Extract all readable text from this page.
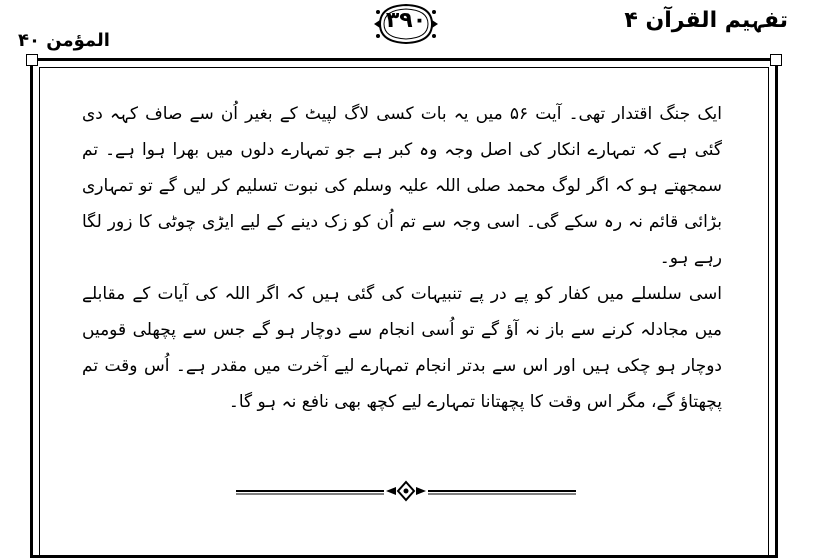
تفہیم القرآن ۴
۳۹۰
المؤمن ۴۰

ایک جنگ اقتدار تھی۔ آیت ۵۶ میں یہ بات کسی لاگ لپیٹ کے بغیر اُن سے صاف کہہ دی گئی ہے کہ تمہارے انکار کی اصل وجہ وہ کبر ہے جو تمہارے دلوں میں بھرا ہوا ہے۔ تم سمجھتے ہو کہ اگر لوگ محمد صلی اللہ علیہ وسلم کی نبوت تسلیم کر لیں گے تو تمہاری بڑائی قائم نہ رہ سکے گی۔ اسی وجہ سے تم اُن کو زک دینے کے لیے ایڑی چوٹی کا زور لگا رہے ہو۔

اسی سلسلے میں کفار کو پے در پے تنبیہات کی گئی ہیں کہ اگر اللہ کی آیات کے مقابلے میں مجادلہ کرنے سے باز نہ آؤ گے تو اُسی انجام سے دوچار ہو گے جس سے پچھلی قومیں دوچار ہو چکی ہیں اور اس سے بدتر انجام تمہارے لیے آخرت میں مقدر ہے۔ اُس وقت تم پچھتاؤ گے، مگر اس وقت کا پچھتانا تمہارے لیے کچھ بھی نافع نہ ہو گا۔
